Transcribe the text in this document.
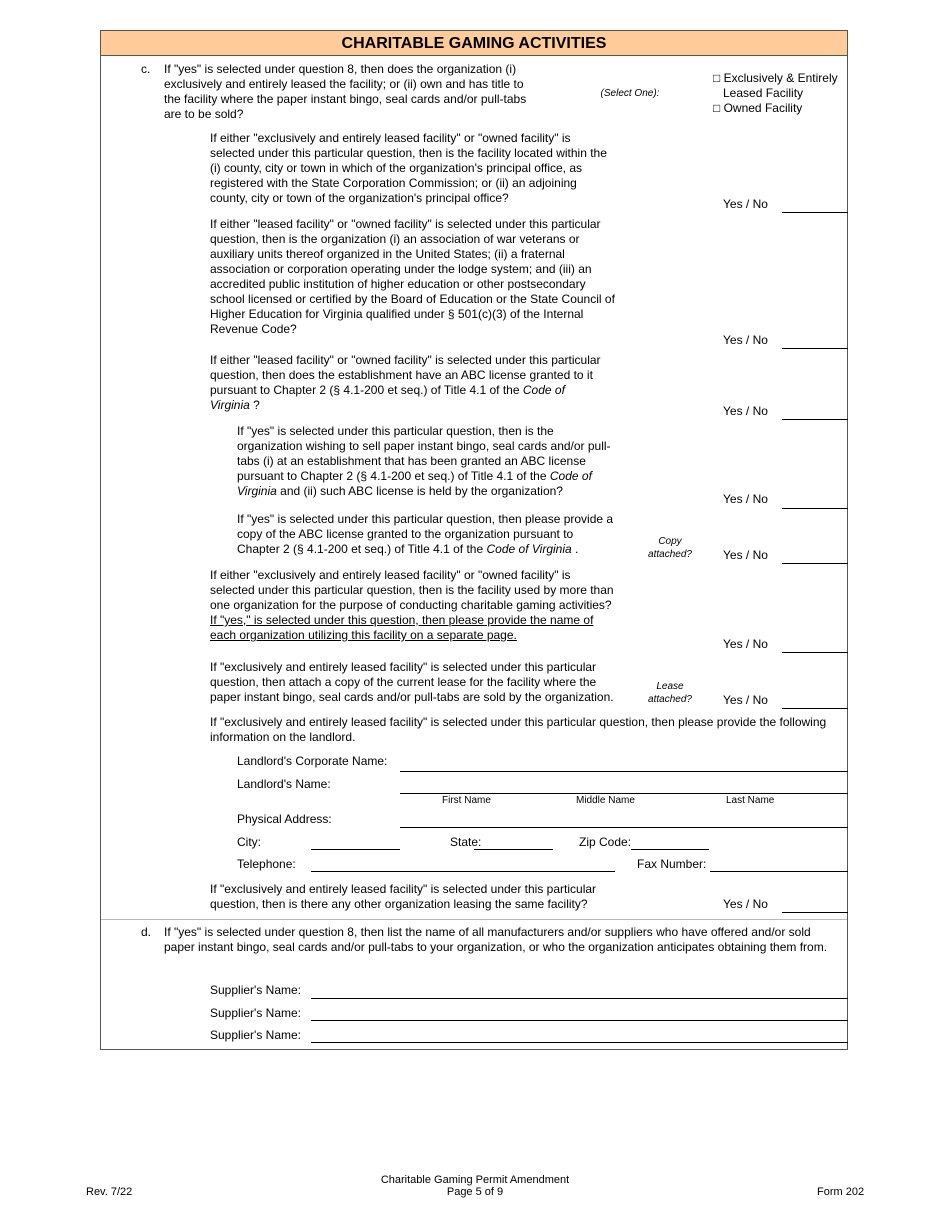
CHARITABLE GAMING ACTIVITIES
c. If "yes" is selected under question 8, then does the organization (i)
exclusively and entirely leased the facility; or (ii) own and has title to
the facility where the paper instant bingo, seal cards and/or pull-tabs
are to be sold?
(Select One):
□ Exclusively & Entirely
Leased Facility
□ Owned Facility
If either "exclusively and entirely leased facility" or "owned facility" is
selected under this particular question, then is the facility located within the
(i) county, city or town in which of the organization's principal office, as
registered with the State Corporation Commission; or (ii) an adjoining
county, city or town of the organization's principal office?	Yes / No
If either "leased facility" or "owned facility" is selected under this particular
question, then is the organization (i) an association of war veterans or
auxiliary units thereof organized in the United States; (ii) a fraternal
association or corporation operating under the lodge system; and (iii) an
accredited public institution of higher education or other postsecondary
school licensed or certified by the Board of Education or the State Council of
Higher Education for Virginia qualified under § 501(c)(3) of the Internal
Revenue Code?
Yes / No
If either "leased facility" or "owned facility" is selected under this particular
question, then does the establishment have an ABC license granted to it
pursuant to Chapter 2 (§ 4.1-200 et seq.) of Title 4.1 of the Code of
Virginia ?	Yes / No
If "yes" is selected under this particular question, then is the
organization wishing to sell paper instant bingo, seal cards and/or pull-
tabs (i) at an establishment that has been granted an ABC license
pursuant to Chapter 2 (§ 4.1-200 et seq.) of Title 4.1 of the Code of
Virginia and (ii) such ABC license is held by the organization?
Yes / No
If "yes" is selected under this particular question, then please provide a
copy of the ABC license granted to the organization pursuant to
Chapter 2 (§ 4.1-200 et seq.) of Title 4.1 of the Code of Virginia .
Copy
attached?	Yes / No
If either "exclusively and entirely leased facility" or "owned facility" is
selected under this particular question, then is the facility used by more than
one organization for the purpose of conducting charitable gaming activities?
If "yes," is selected under this question, then please provide the name of
each organization utilizing this facility on a separate page.
Yes / No
If "exclusively and entirely leased facility" is selected under this particular
question, then attach a copy of the current lease for the facility where the
paper instant bingo, seal cards and/or pull-tabs are sold by the organization.
Lease
attached?	Yes / No
If "exclusively and entirely leased facility" is selected under this particular question, then please provide the following
information on the landlord.
Landlord's Corporate Name:
Landlord's Name:
First Name	Middle Name	Last Name
Physical Address:
City:	State:	Zip Code:
Telephone:	Fax Number:
If "exclusively and entirely leased facility" is selected under this particular
question, then is there any other organization leasing the same facility?	Yes / No
d. If "yes" is selected under question 8, then list the name of all manufacturers and/or suppliers who have offered and/or sold
paper instant bingo, seal cards and/or pull-tabs to your organization, or who the organization anticipates obtaining them from.
Supplier's Name:
Supplier's Name:
Supplier's Name:
Rev. 7/22
Charitable Gaming Permit Amendment
Page 5 of 9	Form 202
